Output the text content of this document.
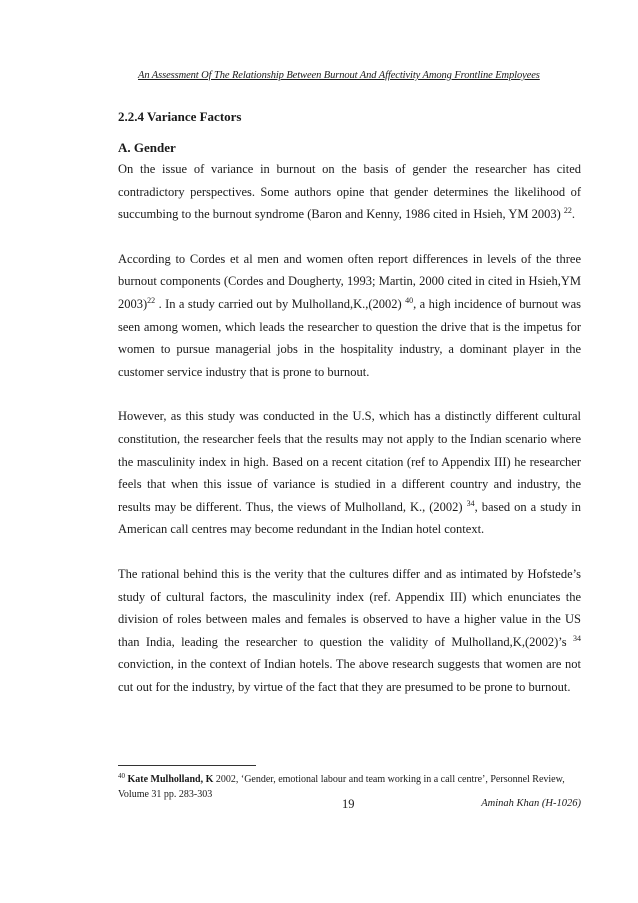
An Assessment Of The Relationship Between Burnout And Affectivity Among Frontline Employees
2.2.4 Variance Factors
A. Gender

On the issue of variance in burnout on the basis of gender the researcher has cited contradictory perspectives. Some authors opine that gender determines the likelihood of succumbing to the burnout syndrome (Baron and Kenny, 1986 cited in Hsieh, YM 2003) $^{22}$.

According to Cordes et al men and women often report differences in levels of the three burnout components (Cordes and Dougherty, 1993; Martin, 2000 cited in cited in Hsieh,YM 2003)$^{22}$ . In a study carried out by Mulholland,K.,(2002) $^{40}$, a high incidence of burnout was seen among women, which leads the researcher to question the drive that is the impetus for women to pursue managerial jobs in the hospitality industry, a dominant player in the customer service industry that is prone to burnout.

However, as this study was conducted in the U.S, which has a distinctly different cultural constitution, the researcher feels that the results may not apply to the Indian scenario where the masculinity index in high. Based on a recent citation (ref to Appendix III) he researcher feels that when this issue of variance is studied in a different country and industry, the results may be different. Thus, the views of Mulholland, K., (2002) $^{34}$, based on a study in American call centres may become redundant in the Indian hotel context.

The rational behind this is the verity that the cultures differ and as intimated by Hofstede’s study of cultural factors, the masculinity index (ref. Appendix III) which enunciates the division of roles between males and females is observed to have a higher value in the US than India, leading the researcher to question the validity of Mulholland,K,(2002)’s $^{34}$ conviction, in the context of Indian hotels. The above research suggests that women are not cut out for the industry, by virtue of the fact that they are presumed to be prone to burnout.

$^{40}$ Kate Mulholland, K 2002, ‘Gender, emotional labour and team working in a call centre’, Personnel Review, Volume 31 pp. 283-303
19	Aminah Khan (H-1026)
